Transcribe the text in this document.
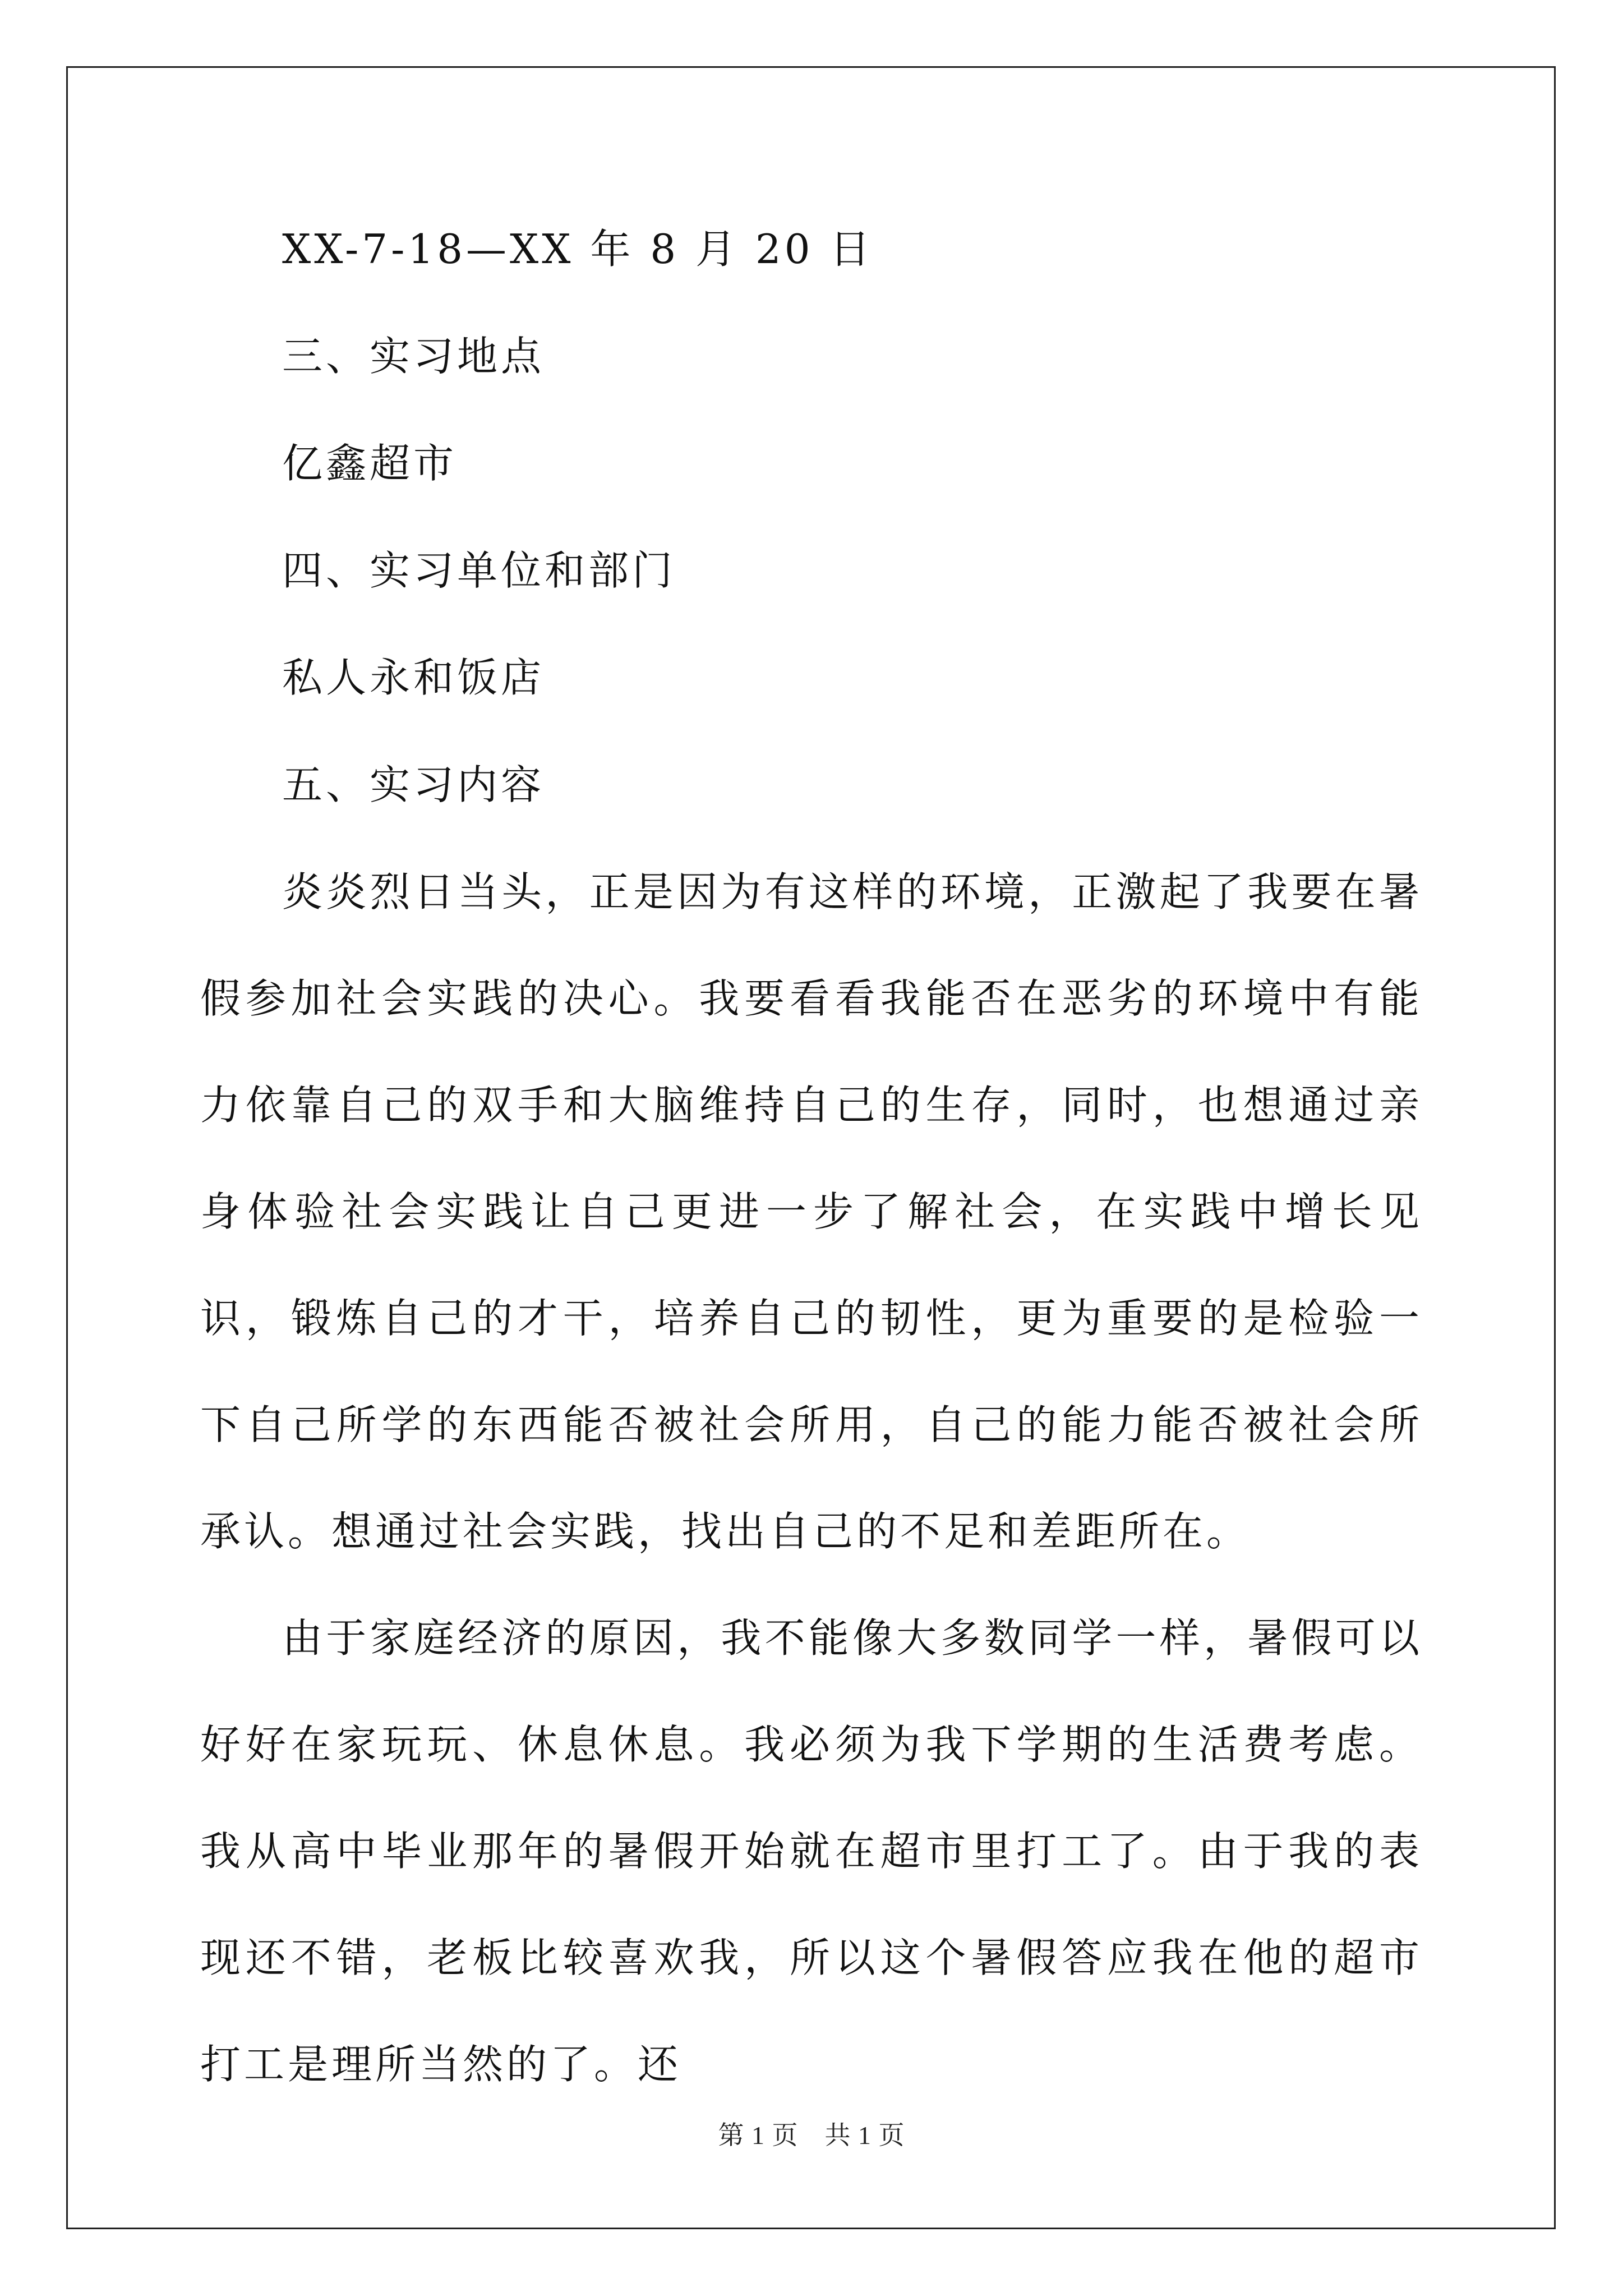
XX-7-18—XX 年 8 月 20 日
三、实习地点
亿鑫超市
四、实习单位和部门
私人永和饭店
五、实习内容

炎炎烈日当头，正是因为有这样的环境，正激起了我要在暑假参加社会实践的决心。我要看看我能否在恶劣的环境中有能力依靠自己的双手和大脑维持自己的生存，同时，也想通过亲身体验社会实践让自己更进一步了解社会，在实践中增长见识，锻炼自己的才干，培养自己的韧性，更为重要的是检验一下自己所学的东西能否被社会所用，自己的能力能否被社会所承认。想通过社会实践，找出自己的不足和差距所在。

由于家庭经济的原因，我不能像大多数同学一样，暑假可以好好在家玩玩、休息休息。我必须为我下学期的生活费考虑。我从高中毕业那年的暑假开始就在超市里打工了。由于我的表现还不错，老板比较喜欢我，所以这个暑假答应我在他的超市打工是理所当然的了。还

第 1 页　共 1 页
